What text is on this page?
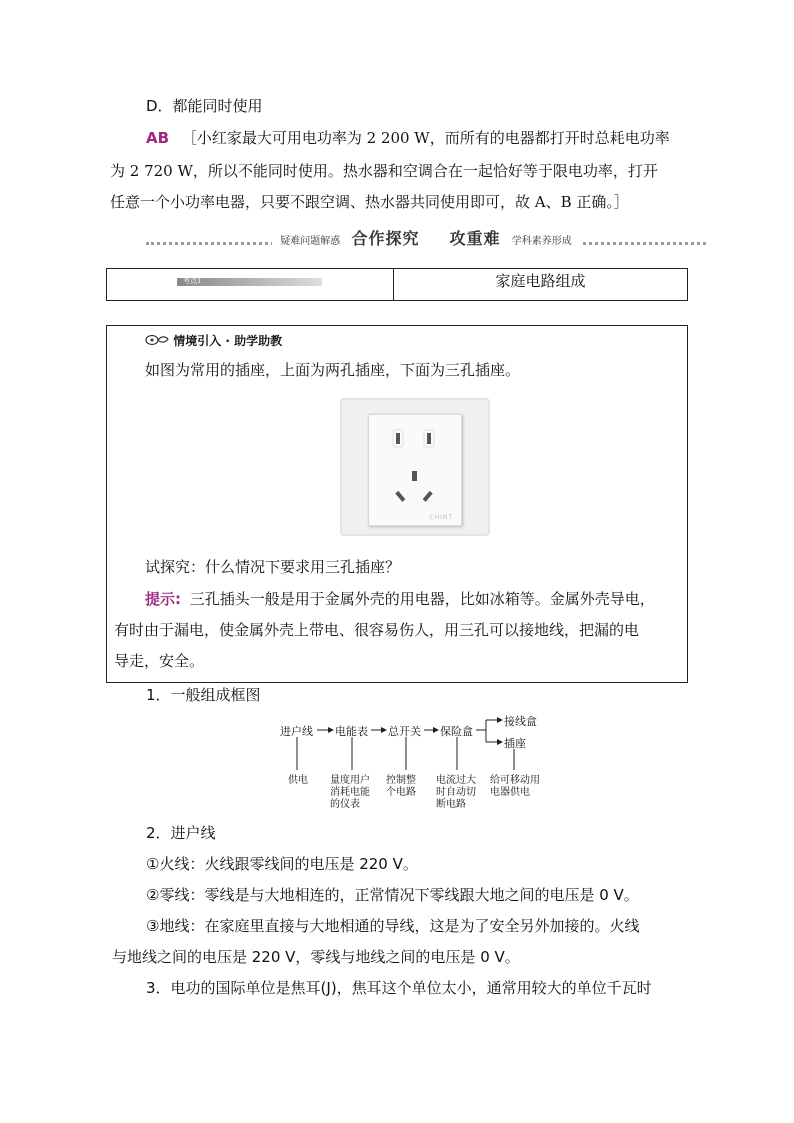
D．都能同时使用
AB ［小红家最大可用电功率为 2 200 W，而所有的电器都打开时总耗电功率
为 2 720 W，所以不能同时使用。热水器和空调合在一起恰好等于限电功率，打开
任意一个小功率电器，只要不跟空调、热水器共同使用即可，故 A、B 正确。］
疑难问题解惑 合作探究 » 攻重难 学科素养形成
考点1	家庭电路组成
情境引入 · 助学助教
如图为常用的插座，上面为两孔插座，下面为三孔插座。
CHINT
试探究：什么情况下要求用三孔插座？
提示: 三孔插头一般是用于金属外壳的用电器，比如冰箱等。金属外壳导电，
有时由于漏电，使金属外壳上带电、很容易伤人，用三孔可以接地线，把漏的电
导走，安全。
1．一般组成框图
进户线 电能表 总开关 保险盒
接线盒
插座
供电 量度用户
消耗电能
的仪表
控制整
个电路
电流过大
时自动切
断电路
给可移动用
电器供电
2．进户线
①火线：火线跟零线间的电压是 220 V。
②零线：零线是与大地相连的，正常情况下零线跟大地之间的电压是 0 V。
③地线：在家庭里直接与大地相通的导线，这是为了安全另外加接的。火线
与地线之间的电压是 220 V，零线与地线之间的电压是 0 V。
3．电功的国际单位是焦耳(J)，焦耳这个单位太小，通常用较大的单位千瓦时
